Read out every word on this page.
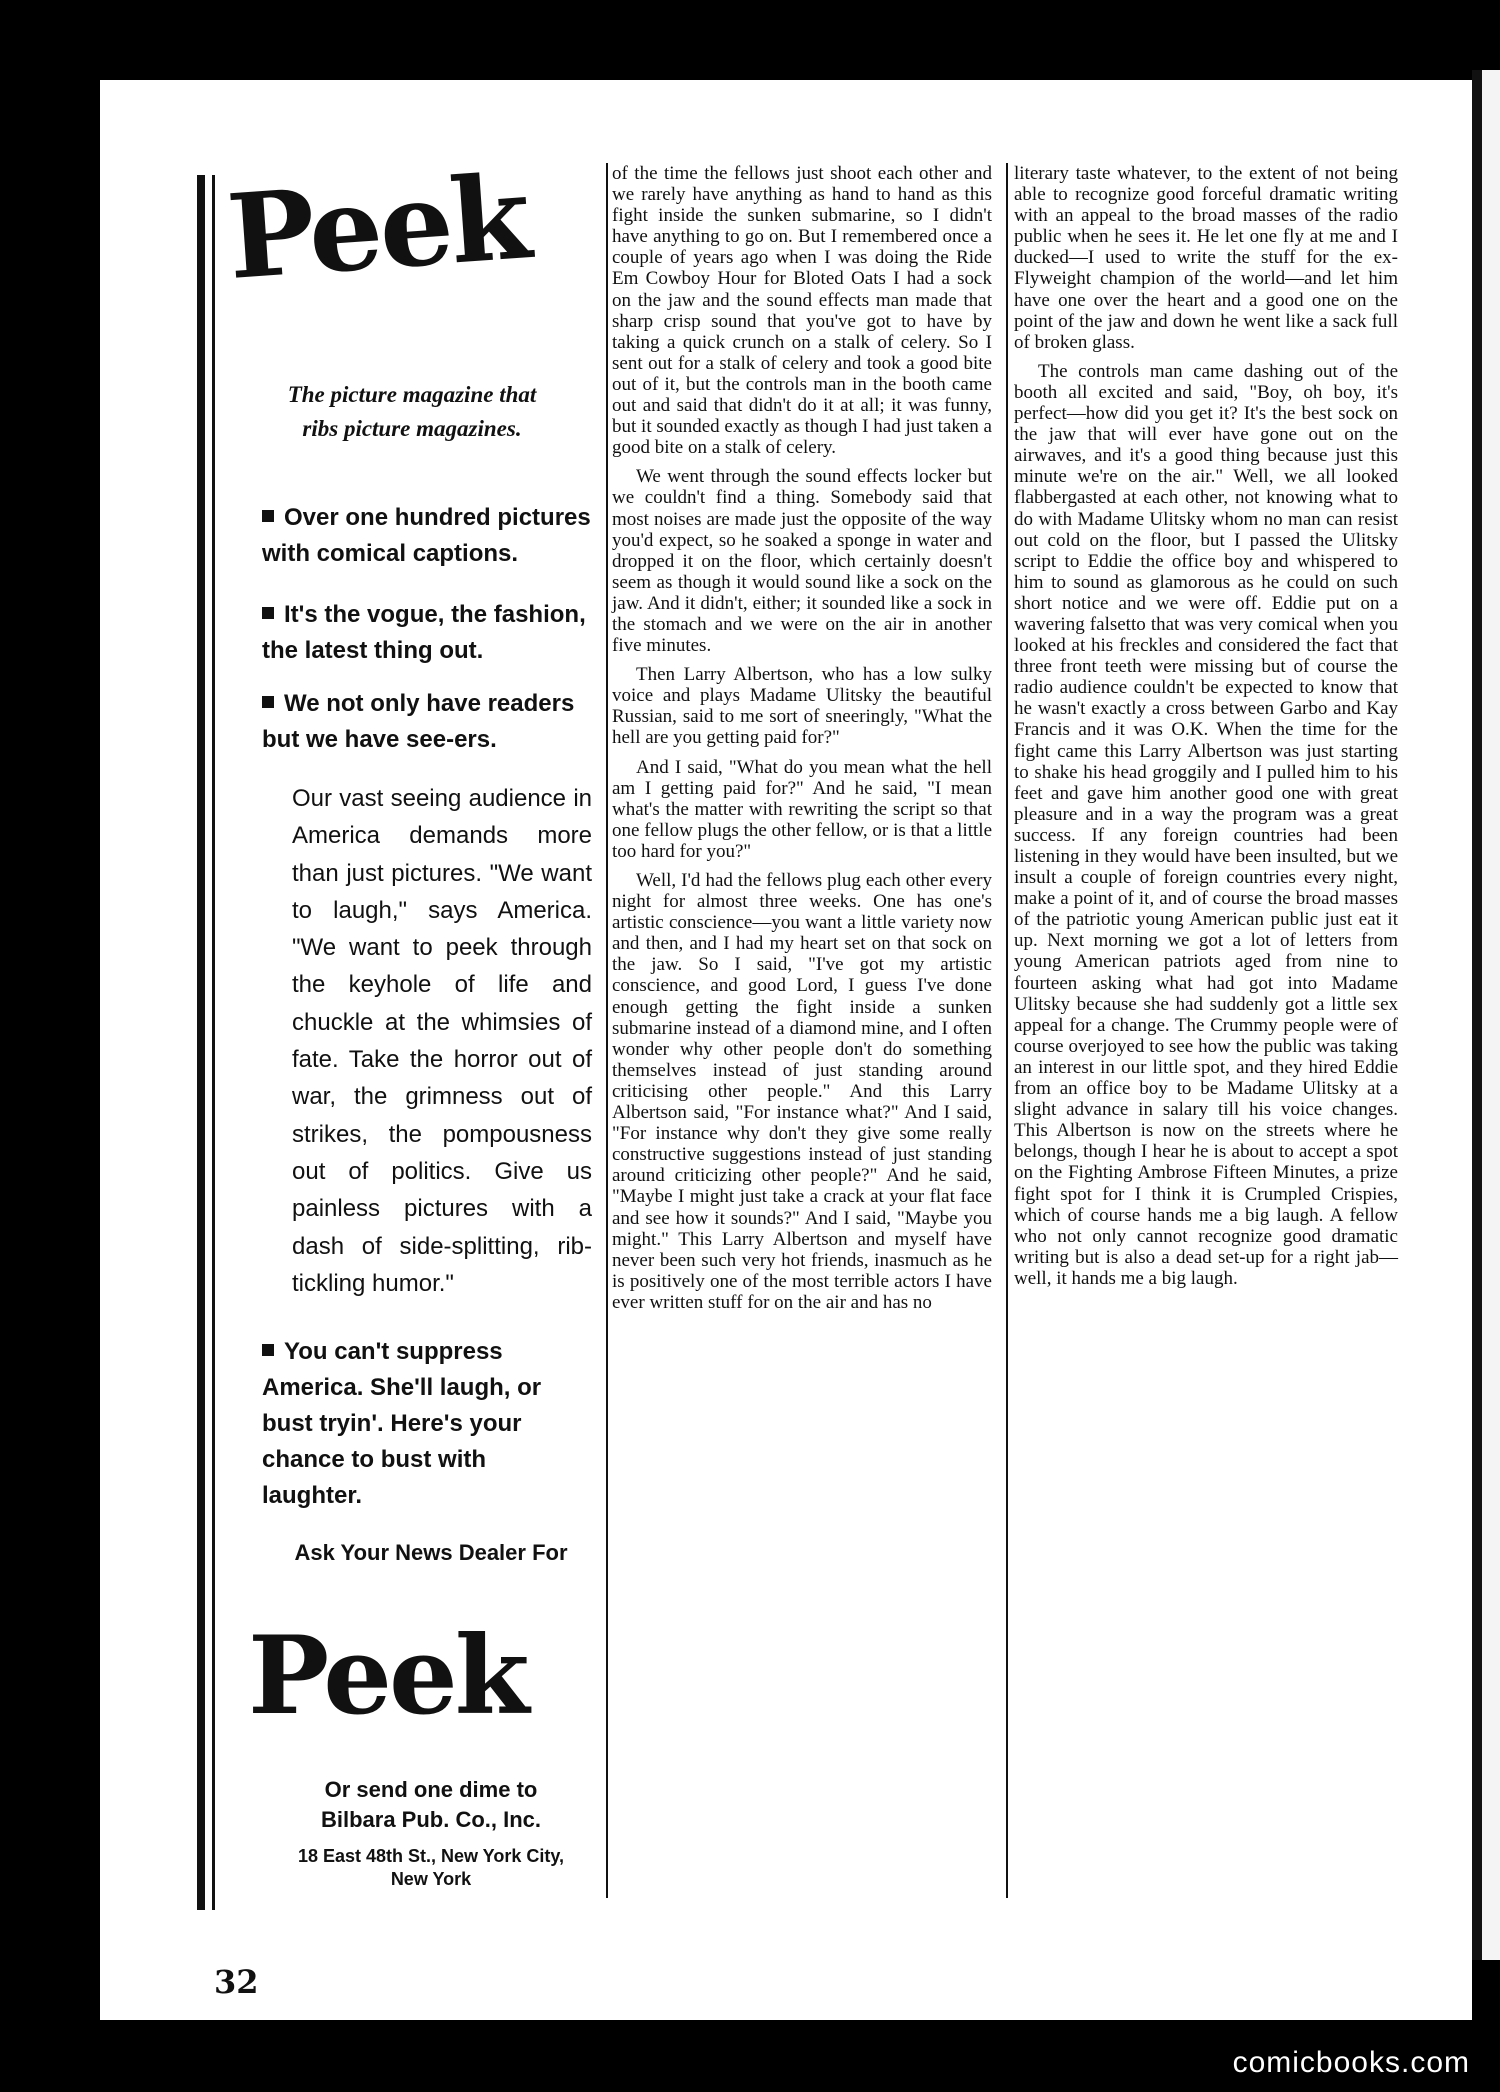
Peek
The picture magazine that
ribs picture magazines.
Over one hundred pictures with comical captions.
It's the vogue, the fashion, the latest thing out.
We not only have readers but we have see-ers.
Our vast seeing audience in America demands more than just pictures. "We want to laugh," says America. "We want to peek through the keyhole of life and chuckle at the whimsies of fate. Take the horror out of war, the grimness out of strikes, the pompousness out of politics. Give us painless pictures with a dash of side-splitting, rib-tickling humor."
You can't suppress America. She'll laugh, or bust tryin'. Here's your chance to bust with laughter.
Ask Your News Dealer For
Peek
Or send one dime to
Bilbara Pub. Co., Inc.
18 East 48th St., New York City,
New York
32

of the time the fellows just shoot each other and we rarely have anything as hand to hand as this fight inside the sunken submarine, so I didn't have anything to go on. But I remembered once a couple of years ago when I was doing the Ride Em Cowboy Hour for Bloted Oats I had a sock on the jaw and the sound effects man made that sharp crisp sound that you've got to have by taking a quick crunch on a stalk of celery. So I sent out for a stalk of celery and took a good bite out of it, but the controls man in the booth came out and said that didn't do it at all; it was funny, but it sounded exactly as though I had just taken a good bite on a stalk of celery.

We went through the sound effects locker but we couldn't find a thing. Somebody said that most noises are made just the opposite of the way you'd expect, so he soaked a sponge in water and dropped it on the floor, which certainly doesn't seem as though it would sound like a sock on the jaw. And it didn't, either; it sounded like a sock in the stomach and we were on the air in another five minutes.

Then Larry Albertson, who has a low sulky voice and plays Madame Ulitsky the beautiful Russian, said to me sort of sneeringly, "What the hell are you getting paid for?"

And I said, "What do you mean what the hell am I getting paid for?" And he said, "I mean what's the matter with rewriting the script so that one fellow plugs the other fellow, or is that a little too hard for you?"

Well, I'd had the fellows plug each other every night for almost three weeks. One has one's artistic conscience—you want a little variety now and then, and I had my heart set on that sock on the jaw. So I said, "I've got my artistic conscience, and good Lord, I guess I've done enough getting the fight inside a sunken submarine instead of a diamond mine, and I often wonder why other people don't do something themselves instead of just standing around criticising other people." And this Larry Albertson said, "For instance what?" And I said, "For instance why don't they give some really constructive suggestions instead of just standing around criticizing other people?" And he said, "Maybe I might just take a crack at your flat face and see how it sounds?" And I said, "Maybe you might." This Larry Albertson and myself have never been such very hot friends, inasmuch as he is positively one of the most terrible actors I have ever written stuff for on the air and has no

literary taste whatever, to the extent of not being able to recognize good forceful dramatic writing with an appeal to the broad masses of the radio public when he sees it. He let one fly at me and I ducked—I used to write the stuff for the ex-Flyweight champion of the world—and let him have one over the heart and a good one on the point of the jaw and down he went like a sack full of broken glass.

The controls man came dashing out of the booth all excited and said, "Boy, oh boy, it's perfect—how did you get it? It's the best sock on the jaw that will ever have gone out on the airwaves, and it's a good thing because just this minute we're on the air." Well, we all looked flabbergasted at each other, not knowing what to do with Madame Ulitsky whom no man can resist out cold on the floor, but I passed the Ulitsky script to Eddie the office boy and whispered to him to sound as glamorous as he could on such short notice and we were off. Eddie put on a wavering falsetto that was very comical when you looked at his freckles and considered the fact that three front teeth were missing but of course the radio audience couldn't be expected to know that he wasn't exactly a cross between Garbo and Kay Francis and it was O.K. When the time for the fight came this Larry Albertson was just starting to shake his head groggily and I pulled him to his feet and gave him another good one with great pleasure and in a way the program was a great success. If any foreign countries had been listening in they would have been insulted, but we insult a couple of foreign countries every night, make a point of it, and of course the broad masses of the patriotic young American public just eat it up. Next morning we got a lot of letters from young American patriots aged from nine to fourteen asking what had got into Madame Ulitsky because she had suddenly got a little sex appeal for a change. The Crummy people were of course overjoyed to see how the public was taking an interest in our little spot, and they hired Eddie from an office boy to be Madame Ulitsky at a slight advance in salary till his voice changes. This Albertson is now on the streets where he belongs, though I hear he is about to accept a spot on the Fighting Ambrose Fifteen Minutes, a prize fight spot for I think it is Crumpled Crispies, which of course hands me a big laugh. A fellow who not only cannot recognize good dramatic writing but is also a dead set-up for a right jab—well, it hands me a big laugh.

comicbooks.com
